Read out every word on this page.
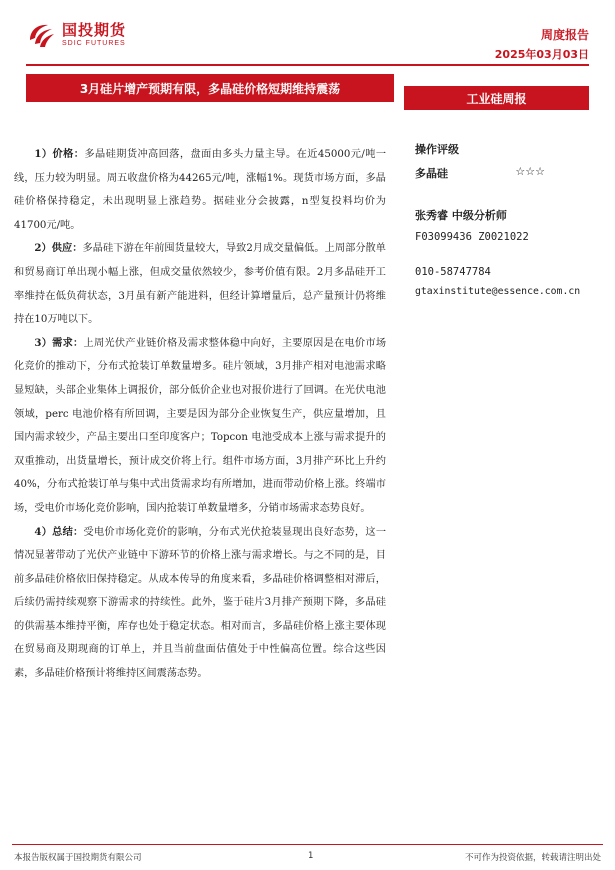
国投期货
SDIC FUTURES
周度报告
2025年03月03日
3月硅片增产预期有限，多晶硅价格短期维持震荡
工业硅周报

1）价格：多晶硅期货冲高回落，盘面由多头力量主导。在近45000元/吨一线，压力较为明显。周五收盘价格为44265元/吨，涨幅1%。现货市场方面，多晶硅价格保持稳定，未出现明显上涨趋势。据硅业分会披露，n型复投料均价为41700元/吨。

2）供应：多晶硅下游在年前囤货量较大，导致2月成交量偏低。上周部分散单和贸易商订单出现小幅上涨，但成交量依然较少，参考价值有限。2月多晶硅开工率维持在低负荷状态，3月虽有新产能进料，但经计算增量后，总产量预计仍将维持在10万吨以下。

3）需求：上周光伏产业链价格及需求整体稳中向好，主要原因是在电价市场化竞价的推动下，分布式抢装订单数量增多。硅片领域，3月排产相对电池需求略显短缺，头部企业集体上调报价，部分低价企业也对报价进行了回调。在光伏电池领域，perc 电池价格有所回调，主要是因为部分企业恢复生产，供应量增加，且国内需求较少，产品主要出口至印度客户；Topcon 电池受成本上涨与需求提升的双重推动，出货量增长，预计成交价将上行。组件市场方面，3月排产环比上升约 40%，分布式抢装订单与集中式出货需求均有所增加，进而带动价格上涨。终端市场，受电价市场化竞价影响，国内抢装订单数量增多，分销市场需求态势良好。

4）总结：受电价市场化竞价的影响，分布式光伏抢装显现出良好态势，这一情况显著带动了光伏产业链中下游环节的价格上涨与需求增长。与之不同的是，目前多晶硅价格依旧保持稳定。从成本传导的角度来看，多晶硅价格调整相对滞后，后续仍需持续观察下游需求的持续性。此外，鉴于硅片3月排产预期下降，多晶硅的供需基本维持平衡，库存也处于稳定状态。相对而言，多晶硅价格上涨主要体现在贸易商及期现商的订单上，并且当前盘面估值处于中性偏高位置。综合这些因素，多晶硅价格预计将维持区间震荡态势。

操作评级
多晶硅	☆☆☆
张秀睿 中级分析师
F03099436 Z0021022
010-58747784
gtaxinstitute@essence.com.cn
本报告版权属于国投期货有限公司	1	不可作为投资依据，转载请注明出处
